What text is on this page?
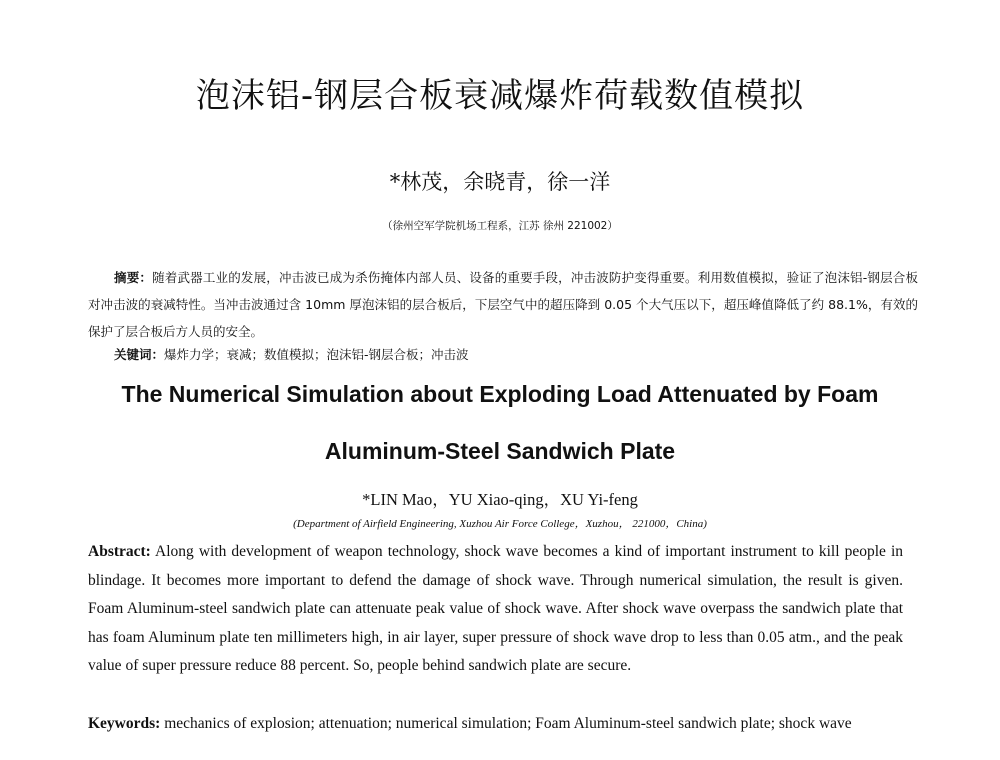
泡沫铝-钢层合板衰减爆炸荷载数值模拟
*林茂，余晓青，徐一洋
（徐州空军学院机场工程系，江苏 徐州 221002）
摘要：随着武器工业的发展，冲击波已成为杀伤掩体内部人员、设备的重要手段，冲击波防护变得重要。利用数值模拟，验证了泡沫铝-钢层合板对冲击波的衰减特性。当冲击波通过含 10mm 厚泡沫铝的层合板后，下层空气中的超压降到 0.05 个大气压以下，超压峰值降低了约 88.1%，有效的保护了层合板后方人员的安全。
关键词：爆炸力学；衰减；数值模拟；泡沫铝-钢层合板；冲击波
The Numerical Simulation about Exploding Load Attenuated by Foam
Aluminum-Steel Sandwich Plate
*LIN Mao，YU Xiao-qing，XU Yi-feng
(Department of Airfield Engineering, Xuzhou Air Force College，Xuzhou， 221000，China)
Abstract: Along with development of weapon technology, shock wave becomes a kind of important instrument to kill people in blindage. It becomes more important to defend the damage of shock wave. Through numerical simulation, the result is given. Foam Aluminum-steel sandwich plate can attenuate peak value of shock wave. After shock wave overpass the sandwich plate that has foam Aluminum plate ten millimeters high, in air layer, super pressure of shock wave drop to less than 0.05 atm., and the peak value of super pressure reduce 88 percent. So, people behind sandwich plate are secure.
Keywords: mechanics of explosion; attenuation; numerical simulation; Foam Aluminum-steel sandwich plate; shock wave
